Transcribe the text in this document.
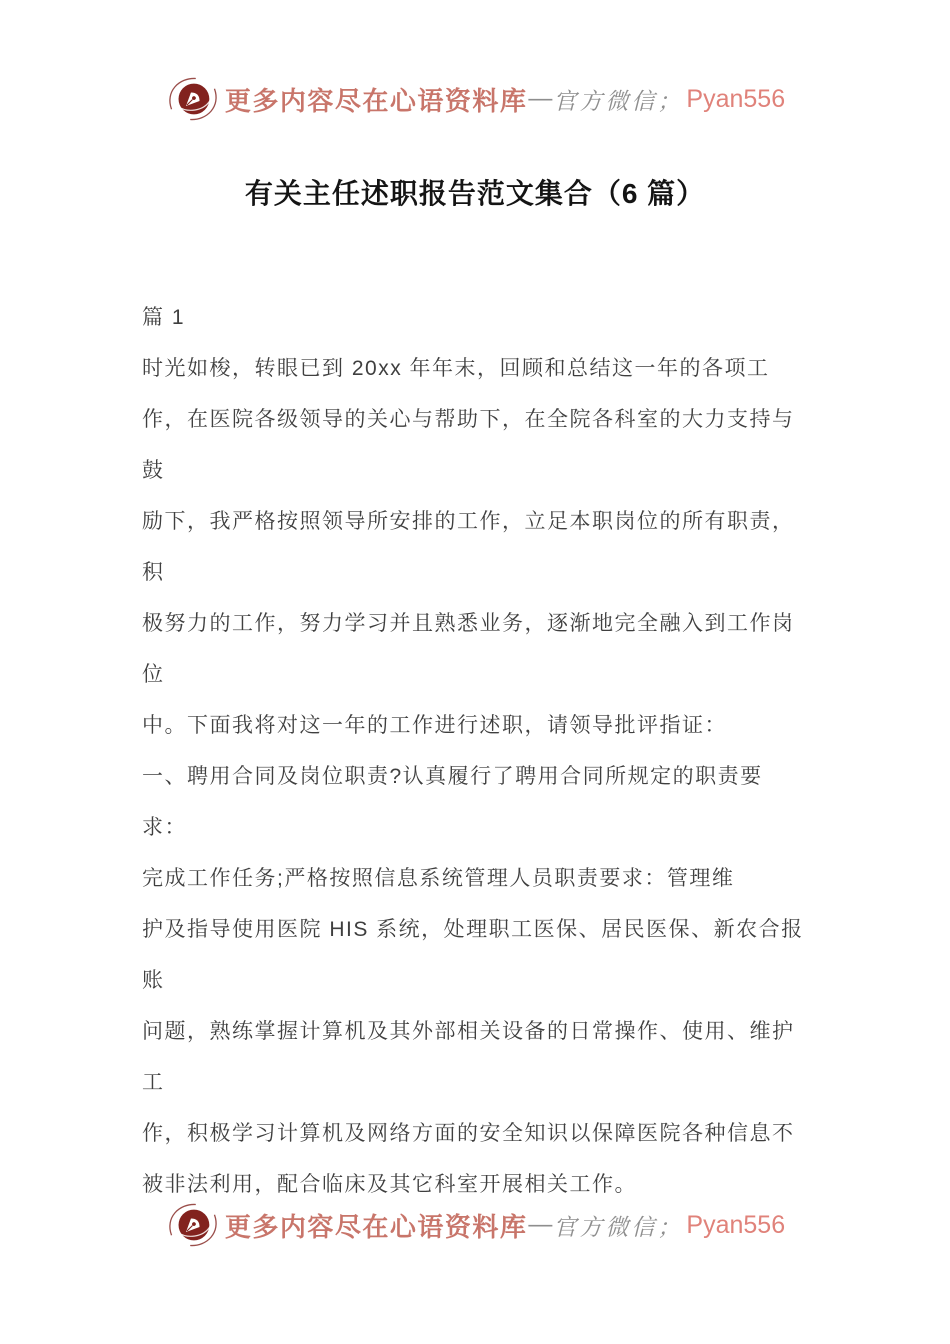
更多内容尽在心语资料库 — 官方微信； Pyan556
有关主任述职报告范文集合（6 篇）
篇 1
时光如梭，转眼已到 20xx 年年末，回顾和总结这一年的各项工
作，在医院各级领导的关心与帮助下，在全院各科室的大力支持与
鼓
励下，我严格按照领导所安排的工作，立足本职岗位的所有职责，
积
极努力的工作，努力学习并且熟悉业务，逐渐地完全融入到工作岗
位
中。下面我将对这一年的工作进行述职，请领导批评指证：
一、聘用合同及岗位职责?认真履行了聘用合同所规定的职责要
求：
完成工作任务;严格按照信息系统管理人员职责要求：管理维
护及指导使用医院 HIS 系统，处理职工医保、居民医保、新农合报
账
问题，熟练掌握计算机及其外部相关设备的日常操作、使用、维护
工
作，积极学习计算机及网络方面的安全知识以保障医院各种信息不
被非法利用，配合临床及其它科室开展相关工作。
更多内容尽在心语资料库 — 官方微信； Pyan556
